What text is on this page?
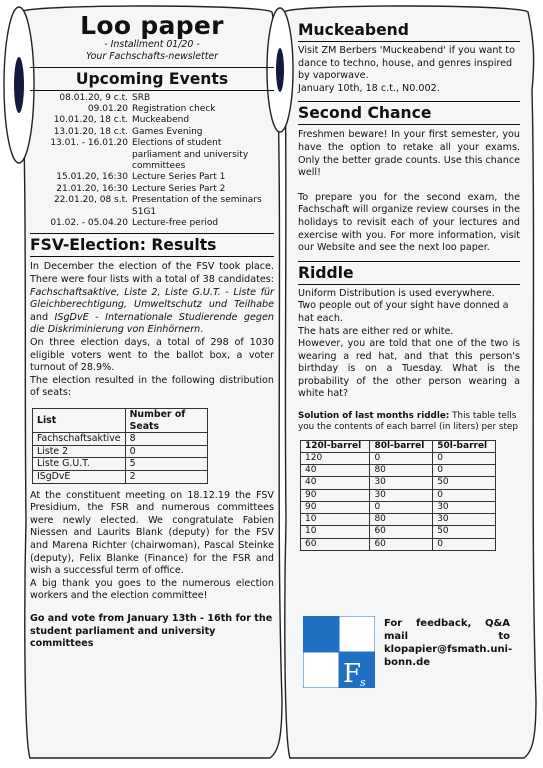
Loo paper
- Installment 01/20 -
Your Fachschafts-newsletter
Upcoming Events
08.01.20, 9 c.t.	SRB
09.01.20	Registration check
10.01.20, 18 c.t.	Muckeabend
13.01.20, 18 c.t.	Games Evening
13.01. - 16.01.20	Elections of student parliament and university committees
15.01.20, 16:30	Lecture Series Part 1
21.01.20, 16:30	Lecture Series Part 2
22.01.20, 08 s.t.	Presentation of the seminars S1G1
01.02. - 05.04.20	Lecture-free period
FSV-Election: Results

In December the election of the FSV took place. There were four lists with a total of 38 candidates: Fachschaftsaktive, Liste 2, Liste G.U.T. - Liste für Gleichberechtigung, Umweltschutz und Teilhabe and ISgDvE - Internationale Studierende gegen die Diskriminierung von Einhörnern.

On three election days, a total of 298 of 1030 eligible voters went to the ballot box, a voter turnout of 28.9%.

The election resulted in the following distribution of seats:

List	Number of Seats
Fachschaftsaktive	8
Liste 2	0
Liste G.U.T.	5
ISgDvE	2

At the constituent meeting on 18.12.19 the FSV Presidium, the FSR and numerous committees were newly elected. We congratulate Fabien Niessen and Laurits Blank (deputy) for the FSV and Marena Richter (chairwoman), Pascal Steinke (deputy), Felix Blanke (Finance) for the FSR and wish a successful term of office.

A big thank you goes to the numerous election workers and the election committee!

Go and vote from January 13th - 16th for the student parliament and university committees

Muckeabend

Visit ZM Berbers 'Muckeabend' if you want to dance to techno, house, and genres inspired by vaporwave.

January 10th, 18 c.t., N0.002.

Second Chance

Freshmen beware! In your first semester, you have the option to retake all your exams. Only the better grade counts. Use this chance well!

To prepare you for the second exam, the Fachschaft will organize review courses in the holidays to revisit each of your lectures and exercise with you. For more information, visit our Website and see the next loo paper.

Riddle

Uniform Distribution is used everywhere.

Two people out of your sight have donned a hat each.

The hats are either red or white.

However, you are told that one of the two is wearing a red hat, and that this person's birthday is on a Tuesday. What is the probability of the other person wearing a white hat?

Solution of last months riddle: This table tells you the contents of each barrel (in liters) per step

120l-barrel	80l-barrel	50l-barrel
120	0	0
40	80	0
40	30	50
90	30	0
90	0	30
10	80	30
10	60	50
60	60	0
F
s
For feedback, Q&A mail to klopapier@fsmath.uni-bonn.de
